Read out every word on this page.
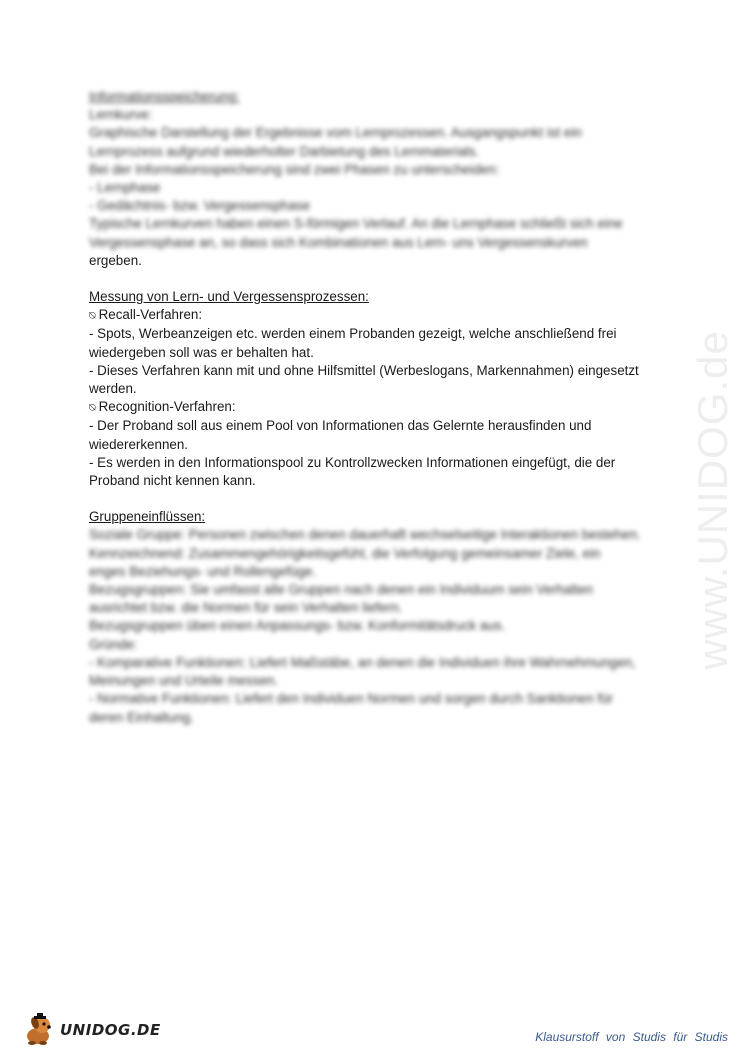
Informationsspeicherung:
Lernkurve:
Graphische Darstellung der Ergebnisse vom Lernprozessen. Ausgangspunkt ist ein
Lernprozess aufgrund wiederholter Darbietung des Lernmaterials.
Bei der Informationsspeicherung sind zwei Phasen zu unterscheiden:
- Lernphase
- Gedächtnis- bzw. Vergessensphase
Typische Lernkurven haben einen S-förmigen Verlauf. An die Lernphase schließt sich eine
Vergessensphase an, so dass sich Kombinationen aus Lern- uns Vergessenskurven
ergeben.
Messung von Lern- und Vergessensprozessen:
⍉ Recall-Verfahren:
- Spots, Werbeanzeigen etc. werden einem Probanden gezeigt, welche anschließend frei
wiedergeben soll was er behalten hat.
- Dieses Verfahren kann mit und ohne Hilfsmittel (Werbeslogans, Markennahmen) eingesetzt
werden.
⍉ Recognition-Verfahren:
- Der Proband soll aus einem Pool von Informationen das Gelernte herausfinden und
wiedererkennen.
- Es werden in den Informationspool zu Kontrollzwecken Informationen eingefügt, die der
Proband nicht kennen kann.
Gruppeneinflüssen:
Soziale Gruppe: Personen zwischen denen dauerhaft wechselseitige Interaktionen bestehen.
Kennzeichnend: Zusammengehörigkeitsgefühl, die Verfolgung gemeinsamer Ziele, ein
enges Beziehungs- und Rollengefüge.
Bezugsgruppen: Sie umfasst alle Gruppen nach denen ein Individuum sein Verhalten
ausrichtet bzw. die Normen für sein Verhalten liefern.
Bezugsgruppen üben einen Anpassungs- bzw. Konformitätsdruck aus.
Gründe:
- Komparative Funktionen: Liefert Maßstäbe, an denen die Individuen ihre Wahrnehmungen,
Meinungen und Urteile messen.
- Normative Funktionen: Liefert den Individuen Normen und sorgen durch Sanktionen für
deren Einhaltung.
www.UNIDOG.de
UNIDOG.DE	Klausurstoff von Studis für Studis
